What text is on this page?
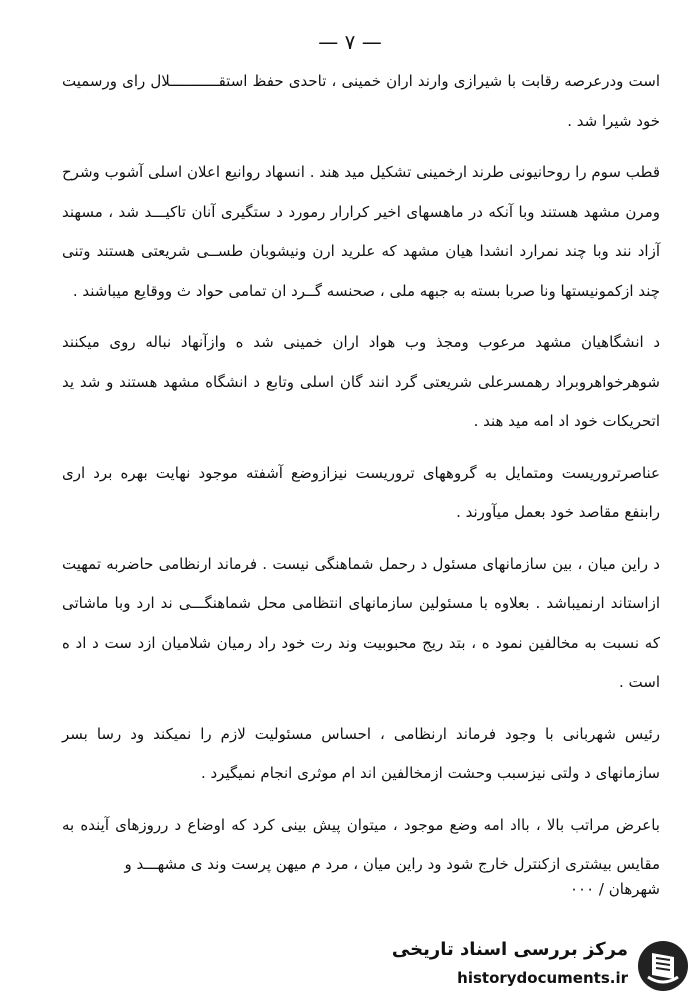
— ۷ —

است ودرعرصه رقابت با شیرازی وارند اران خمینی ، تاحدی حفظ استقـــــــــــلال رای ورسمیت خود شیرا شد .

قطب سوم را روحانیونی طرند ارخمینی تشکیل مید هند . انسهاد روانیع اعلان اسلی آشوب وشرح ومرن مشهد هستند وبا آنکه در ماهسهای اخیر کرارار رمورد د ستگیری آنان تاکیـــد شد ، مسهند آزاد نند وبا چند نمرارد انشدا هیان مشهد که علرید ارن ونیشوبان طســی شریعتی هستند وتنی چند ازکمونیستها ونا صربا بسته به جبهه ملی ، صحنسه گــرد ان تمامی حواد ث ووقایع میباشند .

د انشگاهیان مشهد مرعوب ومجذ وب هواد اران خمینی شد ه وازآنهاد نباله روی میکنند شوهرخواهروبراد رهمسرعلی شریعتی گرد انند گان اسلی وتابع د انشگاه مشهد هستند و شد ید اتحریکات خود اد امه مید هند .

عناصرتروریست ومتمایل به گروههای تروریست نیزازوضع آشفته موجود نهایت بهره برد اری رابنفع مقاصد خود بعمل میآورند .

د راین میان ، بین سازمانهای مسئول د رحمل شماهنگی نیست . فرماند ارنظامی حاضربه تمهیت ازاستاند ارنمیباشد . بعلاوه با مسئولین سازمانهای انتظامی محل شماهنگـــی ند ارد وبا ماشاتی که نسبت به مخالفین نمود ه ، بتد ریج محبوبیت وند رت خود راد رمیان شلاميان ازد ست د اد ه است .

رئیس شهربانی با وجود فرماند ارنظامی ، احساس مسئولیت لازم را نمیکند ود رسا بسر سازمانهای د ولتی نیزسبب وحشت ازمخالفین اند ام موثری انجام نمیگیرد .

باعرض مراتب بالا ، بااد امه وضع موجود ، میتوان پیش بینی کرد که اوضاع د رروزهای آینده به مقایس بیشتری ازکنترل خارج شود ود راین میان ، مرد م میهن پرست وند ی مشهـــد و

شهرهان / ۰۰۰
مرکز بررسی اسناد تاریخی
historydocuments.ir
